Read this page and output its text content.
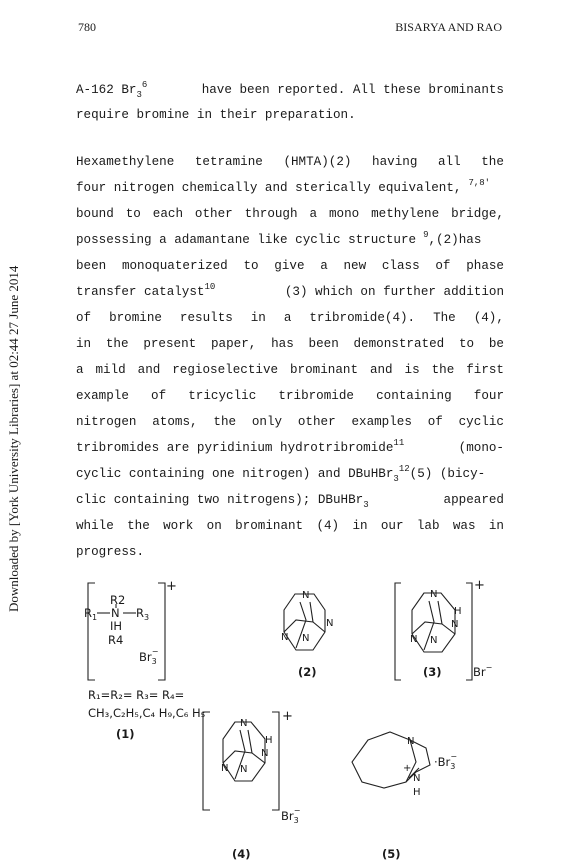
780	BISARYA AND RAO
Downloaded by [York University Libraries] at 02:44 27 June 2014
A-162 $Br_3^6$	have been reported. All these brominants
require bromine in their preparation.
Hexamethylene tetramine (HMTA)(2) having all the
four nitrogen chemically and sterically equivalent, $^{7,8'}$
bound to each other through a mono methylene bridge,
possessing a adamantane like cyclic structure $^9$,(2)has
been monoquaterized to give a new class of phase
transfer catalyst$^{10}$	(3) which on further addition
of bromine results in a tribromide(4). The (4),
in the present paper, has been demonstrated to be
a mild and regioselective brominant and is the first
example of tricyclic tribromide containing four
nitrogen atoms, the only other examples of cyclic
tribromides are pyridinium hydrotribromide$^{11}$	(mono-
cyclic containing one nitrogen) and DBuHBr$_3^{12}$(5) (bicy-
clic containing two nitrogens); DBuHBr$_3$	appeared
while the work on brominant (4) in our lab was in
progress.
R2
$R_1$ N $R_3$
IH
R4
$Br_3-$
+
R₁=R₂= R₃= R₄=
CH₃,C₂H₅,C₄ H₉,C₆ H₅
(1)
N
N
N
N
(2)
N
N
N
N
H
Br−
+
(3)
N
N
N
N
H
$Br_3-$
+
(4)
N
N
H
+ $\cdot Br_3-$
(5)
